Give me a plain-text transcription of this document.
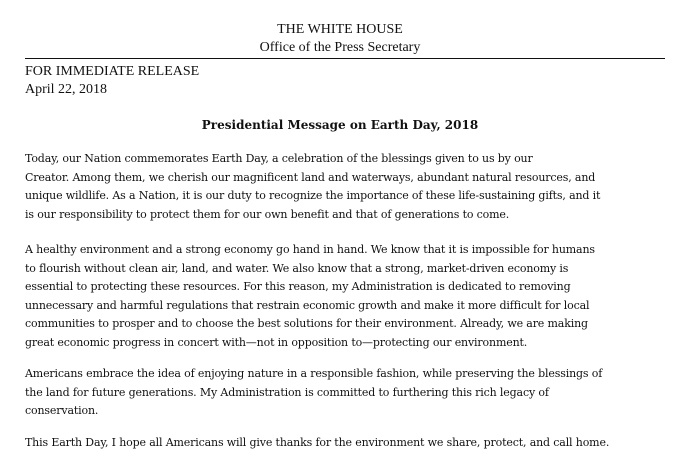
THE WHITE HOUSE
Office of the Press Secretary
FOR IMMEDIATE RELEASE
April 22, 2018
Presidential Message on Earth Day, 2018
Today, our Nation commemorates Earth Day, a celebration of the blessings given to us by our
Creator. Among them, we cherish our magnificent land and waterways, abundant natural resources, and
unique wildlife. As a Nation, it is our duty to recognize the importance of these life-sustaining gifts, and it
is our responsibility to protect them for our own benefit and that of generations to come.
A healthy environment and a strong economy go hand in hand. We know that it is impossible for humans
to flourish without clean air, land, and water. We also know that a strong, market-driven economy is
essential to protecting these resources. For this reason, my Administration is dedicated to removing
unnecessary and harmful regulations that restrain economic growth and make it more difficult for local
communities to prosper and to choose the best solutions for their environment. Already, we are making
great economic progress in concert with—not in opposition to—protecting our environment.
Americans embrace the idea of enjoying nature in a responsible fashion, while preserving the blessings of
the land for future generations. My Administration is committed to furthering this rich legacy of
conservation.
This Earth Day, I hope all Americans will give thanks for the environment we share, protect, and call home.
